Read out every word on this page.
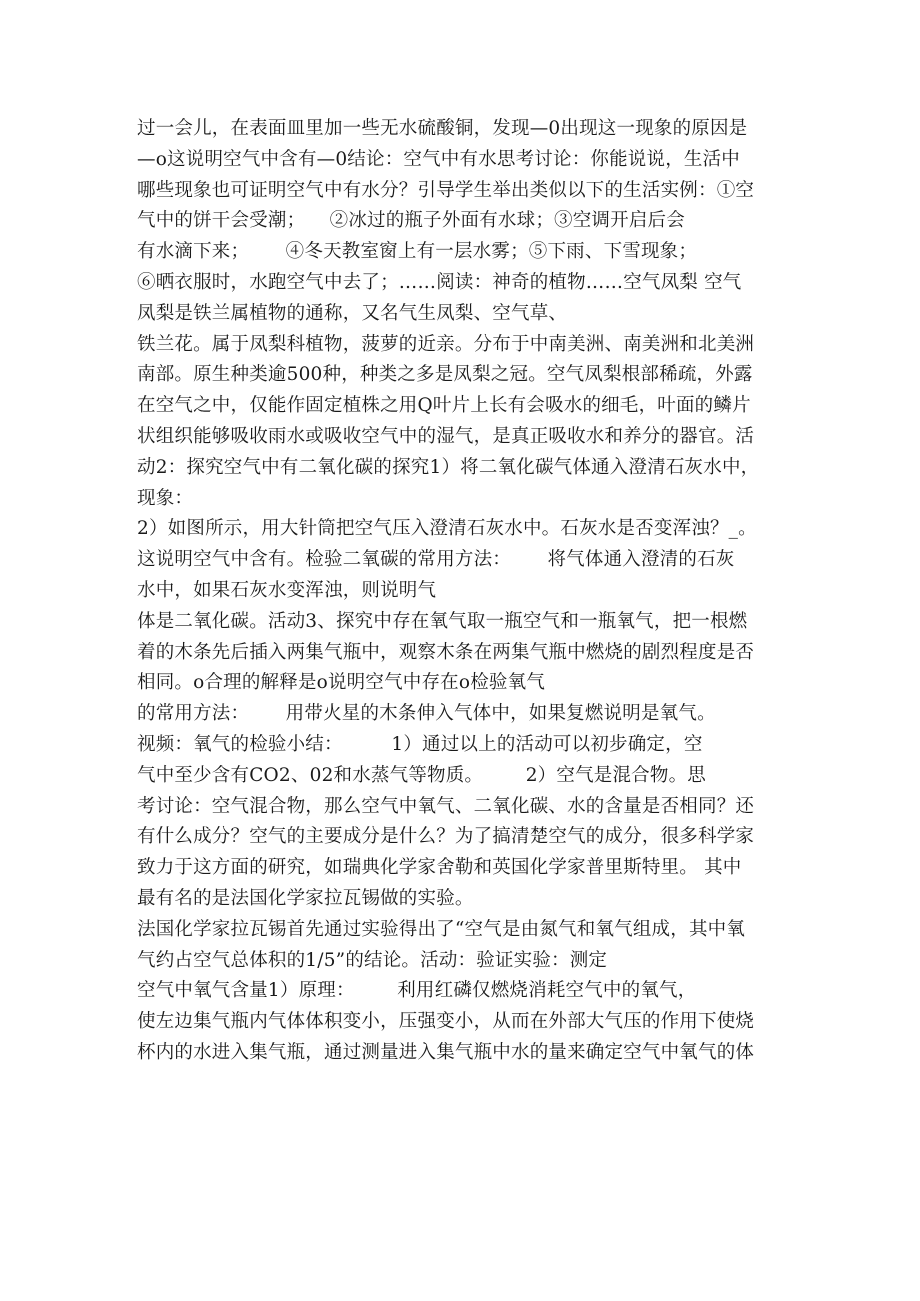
过一会儿，在表面皿里加一些无水硫酸铜，发现—0出现这一现象的原因是
—o这说明空气中含有—0结论：空气中有水思考讨论：你能说说，生活中
哪些现象也可证明空气中有水分？引导学生举出类似以下的生活实例：①空
气中的饼干会受潮；    ②冰过的瓶子外面有水球；③空调开启后会
有水滴下来；      ④冬天教室窗上有一层水雾；⑤下雨、下雪现象；
⑥晒衣服时，水跑空气中去了；……阅读：神奇的植物……空气凤梨 空气
凤梨是铁兰属植物的通称，又名气生凤梨、空气草、
铁兰花。属于凤梨科植物，菠萝的近亲。分布于中南美洲、南美洲和北美洲
南部。原生种类逾500种，种类之多是凤梨之冠。空气凤梨根部稀疏，外露
在空气之中，仅能作固定植株之用Q叶片上长有会吸水的细毛，叶面的鳞片
状组织能够吸收雨水或吸收空气中的湿气，是真正吸收水和养分的器官。活
动2：探究空气中有二氧化碳的探究1）将二氧化碳气体通入澄清石灰水中，
现象：
2）如图所示，用大针筒把空气压入澄清石灰水中。石灰水是否变浑浊？_。
这说明空气中含有。检验二氧碳的常用方法：      将气体通入澄清的石灰
水中，如果石灰水变浑浊，则说明气
体是二氧化碳。活动3、探究中存在氧气取一瓶空气和一瓶氧气，把一根燃
着的木条先后插入两集气瓶中，观察木条在两集气瓶中燃烧的剧烈程度是否
相同。o合理的解释是o说明空气中存在o检验氧气
的常用方法：      用带火星的木条伸入气体中，如果复燃说明是氧气。
视频：氧气的检验小结：        1）通过以上的活动可以初步确定，空
气中至少含有CO2、02和水蒸气等物质。       2）空气是混合物。思
考讨论：空气混合物，那么空气中氧气、二氧化碳、水的含量是否相同？还
有什么成分？空气的主要成分是什么？为了搞清楚空气的成分，很多科学家
致力于这方面的研究，如瑞典化学家舍勒和英国化学家普里斯特里。 其中
最有名的是法国化学家拉瓦锡做的实验。
法国化学家拉瓦锡首先通过实验得出了“空气是由氮气和氧气组成，其中氧
气约占空气总体积的1/5”的结论。活动：验证实验：测定
空气中氧气含量1）原理：       利用红磷仅燃烧消耗空气中的氧气，
使左边集气瓶内气体体积变小，压强变小，从而在外部大气压的作用下使烧
杯内的水进入集气瓶，通过测量进入集气瓶中水的量来确定空气中氧气的体
